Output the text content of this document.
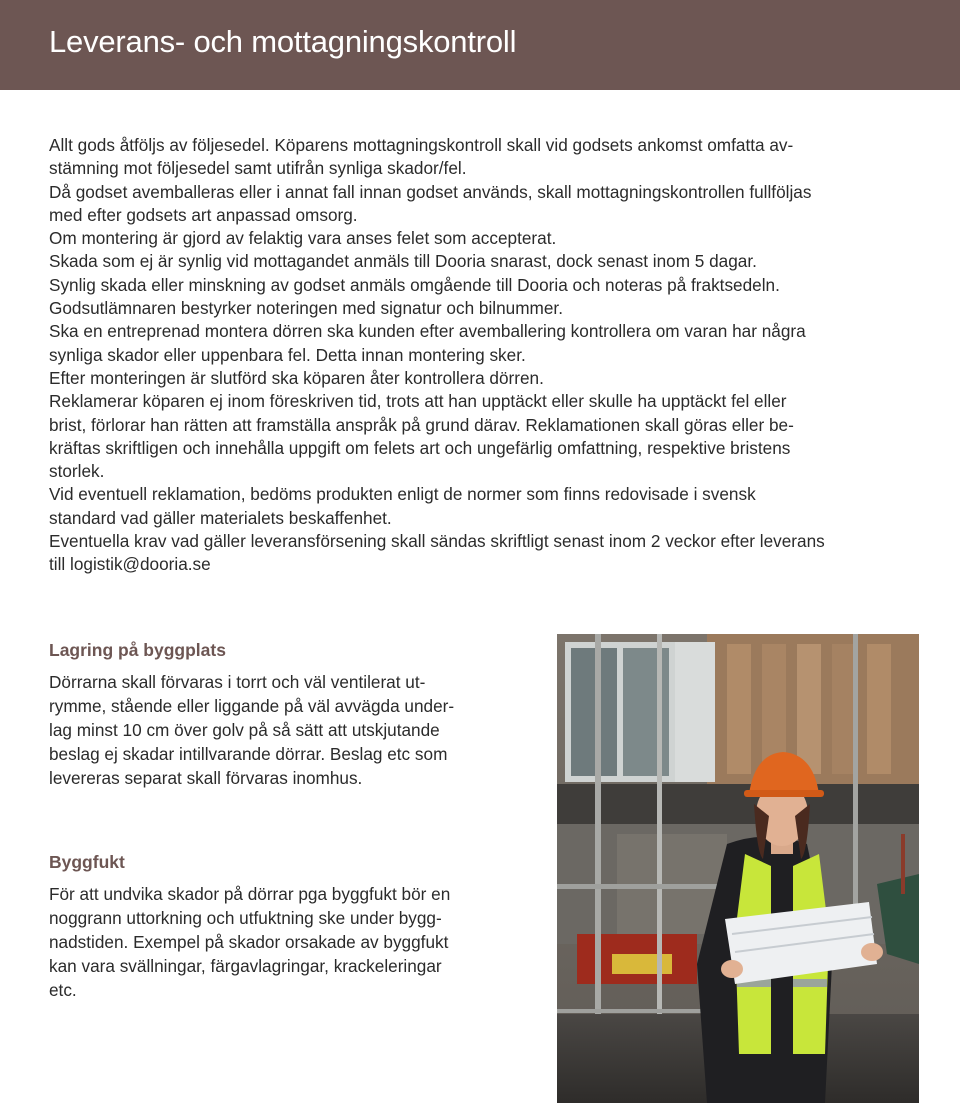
Leverans- och mottagningskontroll
Allt gods åtföljs av följesedel. Köparens mottagningskontroll skall vid godsets ankomst omfatta av-
stämning mot följesedel samt utifrån synliga skador/fel.
Då godset avemballeras eller i annat fall innan godset används, skall mottagningskontrollen fullföljas
med efter godsets art anpassad omsorg.
Om montering är gjord av felaktig vara anses felet som accepterat.
Skada som ej är synlig vid mottagandet anmäls till Dooria snarast, dock senast inom 5 dagar.
Synlig skada eller minskning av godset anmäls omgående till Dooria och noteras på fraktsedeln.
Godsutlämnaren bestyrker noteringen med signatur och bilnummer.
Ska en entreprenad montera dörren ska kunden efter avemballering kontrollera om varan har några
synliga skador eller uppenbara fel. Detta innan montering sker.
Efter monteringen är slutförd ska köparen åter kontrollera dörren.
Reklamerar köparen ej inom föreskriven tid, trots att han upptäckt eller skulle ha upptäckt fel eller
brist, förlorar han rätten att framställa anspråk på grund därav. Reklamationen skall göras eller be-
kräftas skriftligen och innehålla uppgift om felets art och ungefärlig omfattning, respektive bristens
storlek.
Vid eventuell reklamation, bedöms produkten enligt de normer som finns redovisade i svensk
standard vad gäller materialets beskaffenhet.
Eventuella krav vad gäller leveransförsening skall sändas skriftligt senast inom 2 veckor efter leverans
till logistik@dooria.se
Lagring på byggplats
Dörrarna skall förvaras i torrt och väl ventilerat ut-
rymme, stående eller liggande på väl avvägda under-
lag minst 10 cm över golv på så sätt att utskjutande
beslag ej skadar intillvarande dörrar. Beslag etc som
levereras separat skall förvaras inomhus.
Byggfukt
För att undvika skador på dörrar pga byggfukt bör en
noggrann uttorkning och utfuktning ske under bygg-
nadstiden. Exempel på skador orsakade av byggfukt
kan vara svällningar, färgavlagringar, krackeleringar
etc.
